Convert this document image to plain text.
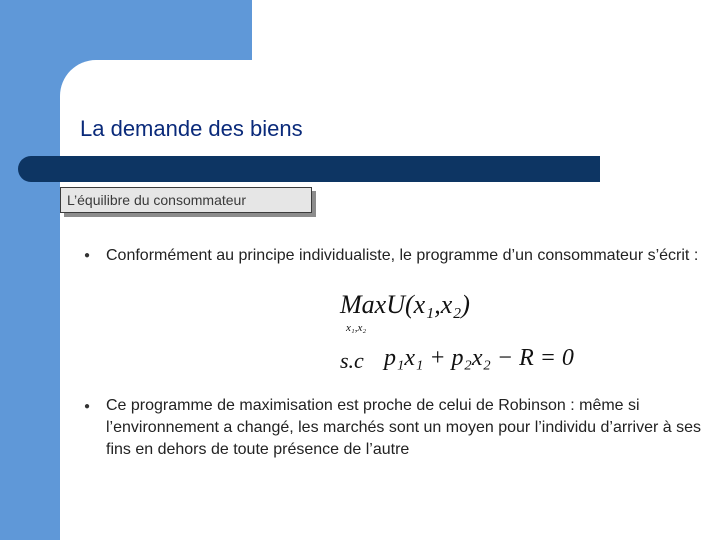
La demande des biens
L’équilibre du consommateur
● Conformément au principe individualiste, le programme d’un consommateur s’écrit :

MaxU(x₁,x₂)
x₁,x₂
s.c p₁x₁ + p₂x₂ − R = 0
● Ce programme de maximisation est proche de celui de Robinson : même si l’environnement a changé, les marchés sont un moyen pour l’individu d’arriver à ses fins en dehors de toute présence de l’autre
